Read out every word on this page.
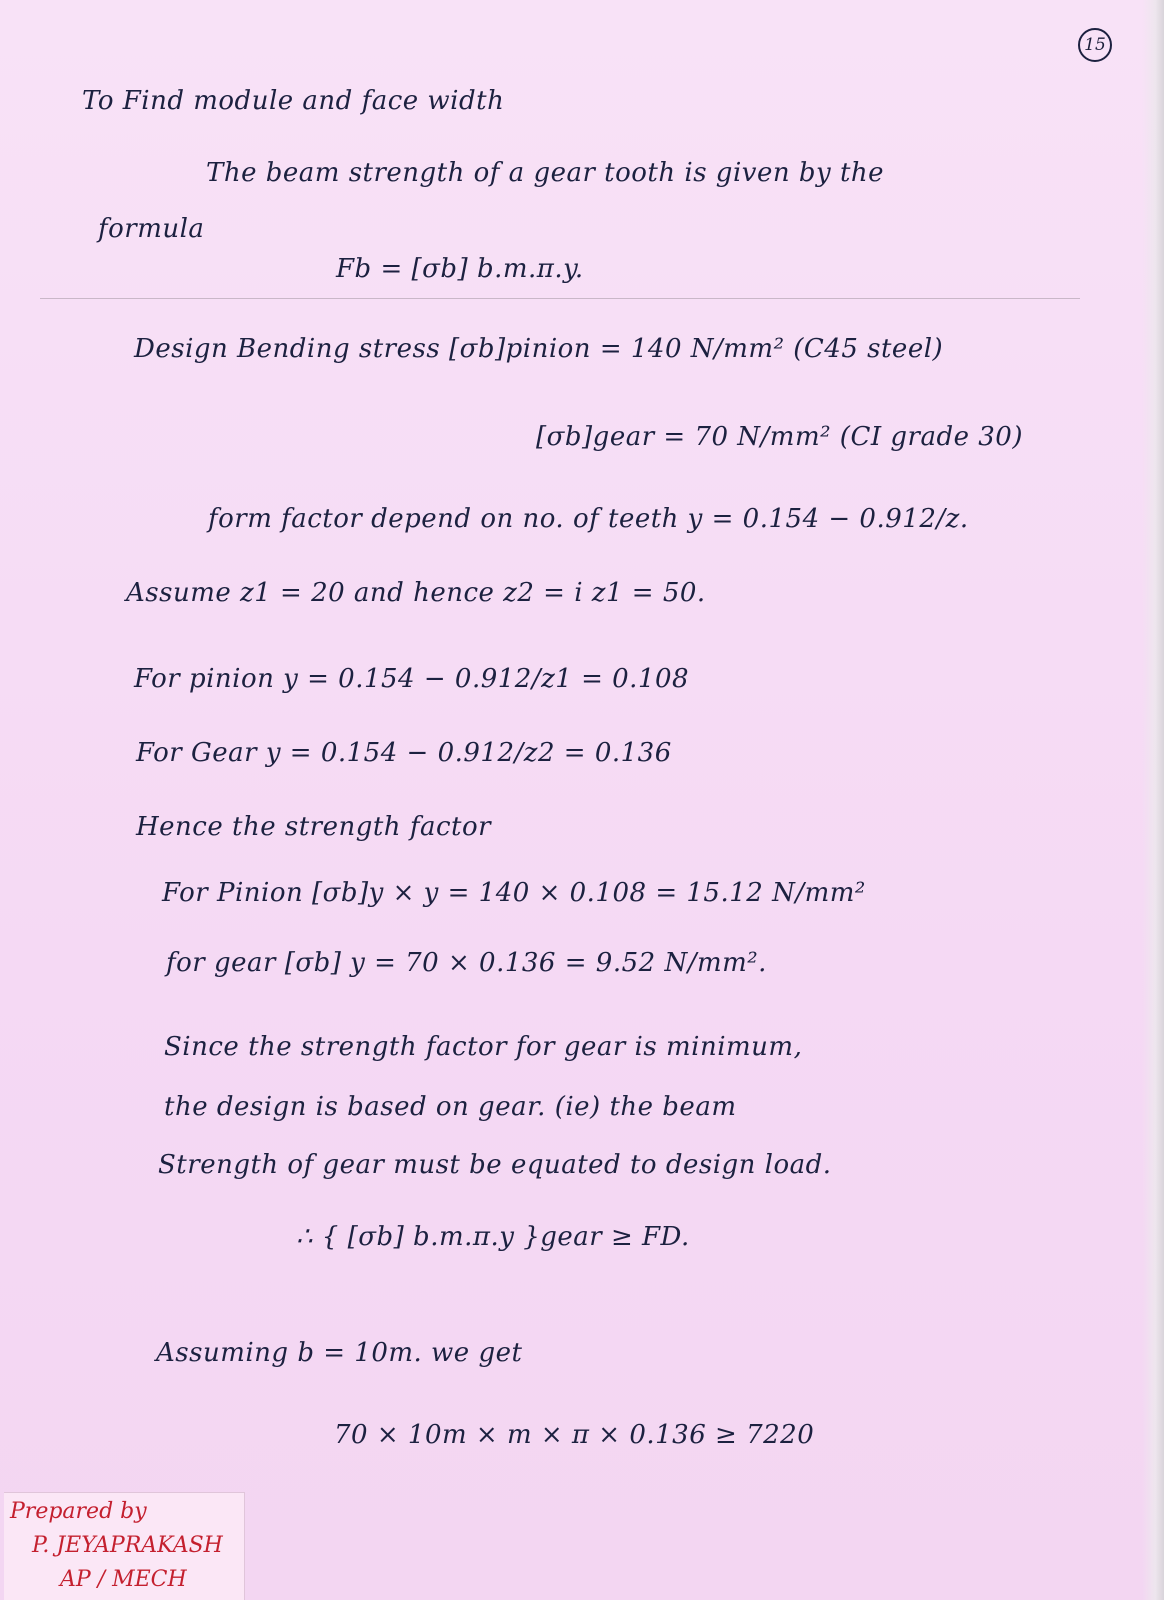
15
To Find module and face width
The beam strength of a gear tooth is given by the
formula
Fb = [σb] b.m.π.y.
Design Bending stress [σb]pinion = 140 N/mm² (C45 steel)
[σb]gear = 70 N/mm² (CI grade 30)
form factor depend on no. of teeth y = 0.154 − 0.912/z.
Assume z1 = 20 and hence z2 = i z1 = 50.
For pinion y = 0.154 − 0.912/z1 = 0.108
For Gear y = 0.154 − 0.912/z2 = 0.136
Hence the strength factor
For Pinion [σb]y × y = 140 × 0.108 = 15.12 N/mm²
for gear [σb] y = 70 × 0.136 = 9.52 N/mm².
Since the strength factor for gear is minimum,
the design is based on gear. (ie) the beam
Strength of gear must be equated to design load.
∴ { [σb] b.m.π.y }gear ≥ FD.
Assuming b = 10m. we get
70 × 10m × m × π × 0.136 ≥ 7220
Prepared by
P. JEYAPRAKASH
AP / MECH
